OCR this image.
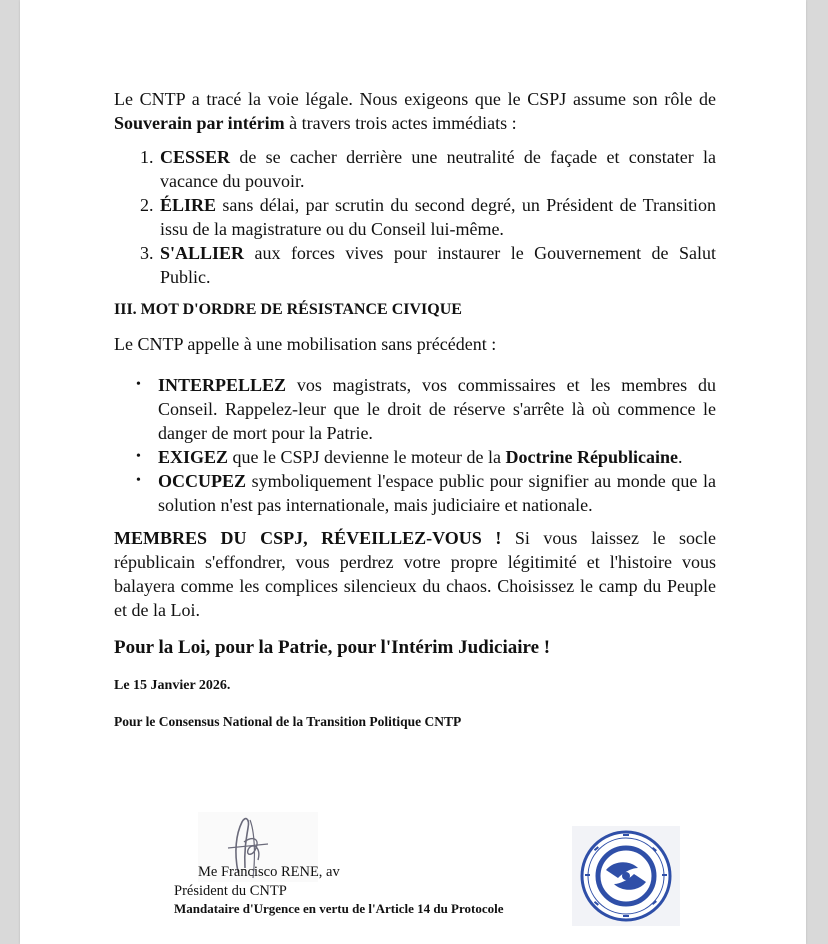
Le CNTP a tracé la voie légale. Nous exigeons que le CSPJ assume son rôle de Souverain par intérim à travers trois actes immédiats :

1. CESSER de se cacher derrière une neutralité de façade et constater la vacance du pouvoir.
2. ÉLIRE sans délai, par scrutin du second degré, un Président de Transition issu de la magistrature ou du Conseil lui-même.
3. S'ALLIER aux forces vives pour instaurer le Gouvernement de Salut Public.

III. MOT D'ORDRE DE RÉSISTANCE CIVIQUE

Le CNTP appelle à une mobilisation sans précédent :

• INTERPELLEZ vos magistrats, vos commissaires et les membres du Conseil. Rappelez-leur que le droit de réserve s'arrête là où commence le danger de mort pour la Patrie.
• EXIGEZ que le CSPJ devienne le moteur de la Doctrine Républicaine.
• OCCUPEZ symboliquement l'espace public pour signifier au monde que la solution n'est pas internationale, mais judiciaire et nationale.

MEMBRES DU CSPJ, RÉVEILLEZ-VOUS ! Si vous laissez le socle républicain s'effondrer, vous perdrez votre propre légitimité et l'histoire vous balayera comme les complices silencieux du chaos. Choisissez le camp du Peuple et de la Loi.

Pour la Loi, pour la Patrie, pour l'Intérim Judiciaire !

Le 15 Janvier 2026.

Pour le Consensus National de la Transition Politique CNTP

Me Francisco RENE, av
Président du CNTP
Mandataire d'Urgence en vertu de l'Article 14 du Protocole
